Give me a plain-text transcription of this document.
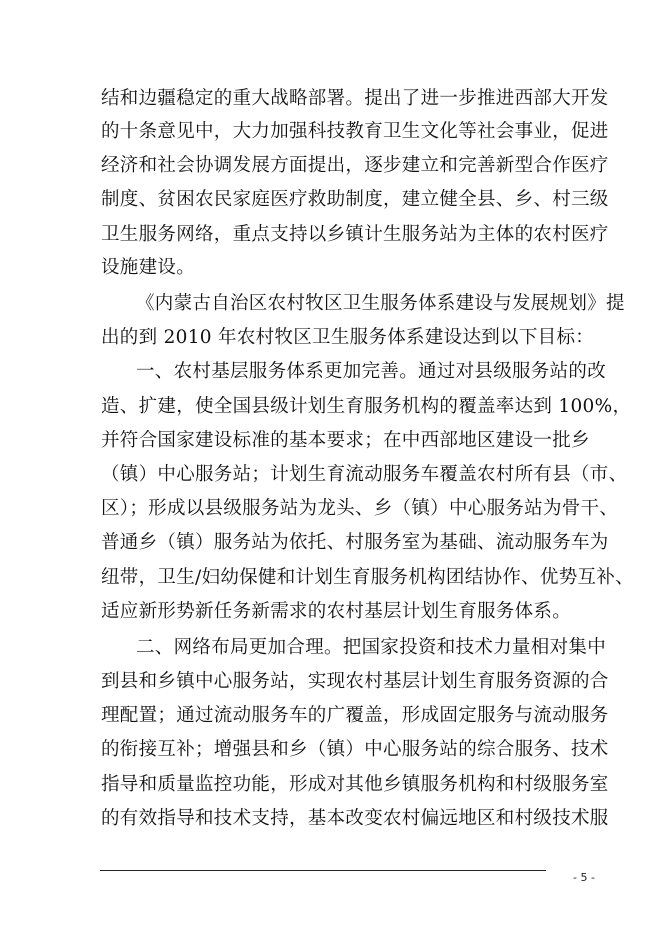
结和边疆稳定的重大战略部署。提出了进一步推进西部大开发
的十条意见中，大力加强科技教育卫生文化等社会事业，促进
经济和社会协调发展方面提出，逐步建立和完善新型合作医疗
制度、贫困农民家庭医疗救助制度，建立健全县、乡、村三级
卫生服务网络，重点支持以乡镇计生服务站为主体的农村医疗
设施建设。
《内蒙古自治区农村牧区卫生服务体系建设与发展规划》提
出的到 2010 年农村牧区卫生服务体系建设达到以下目标：
一、农村基层服务体系更加完善。通过对县级服务站的改
造、扩建，使全国县级计划生育服务机构的覆盖率达到 100%，
并符合国家建设标准的基本要求；在中西部地区建设一批乡
（镇）中心服务站；计划生育流动服务车覆盖农村所有县（市、
区）；形成以县级服务站为龙头、乡（镇）中心服务站为骨干、
普通乡（镇）服务站为依托、村服务室为基础、流动服务车为
纽带，卫生/妇幼保健和计划生育服务机构团结协作、优势互补、
适应新形势新任务新需求的农村基层计划生育服务体系。
二、网络布局更加合理。把国家投资和技术力量相对集中
到县和乡镇中心服务站，实现农村基层计划生育服务资源的合
理配置；通过流动服务车的广覆盖，形成固定服务与流动服务
的衔接互补；增强县和乡（镇）中心服务站的综合服务、技术
指导和质量监控功能，形成对其他乡镇服务机构和村级服务室
的有效指导和技术支持，基本改变农村偏远地区和村级技术服
- 5 -
